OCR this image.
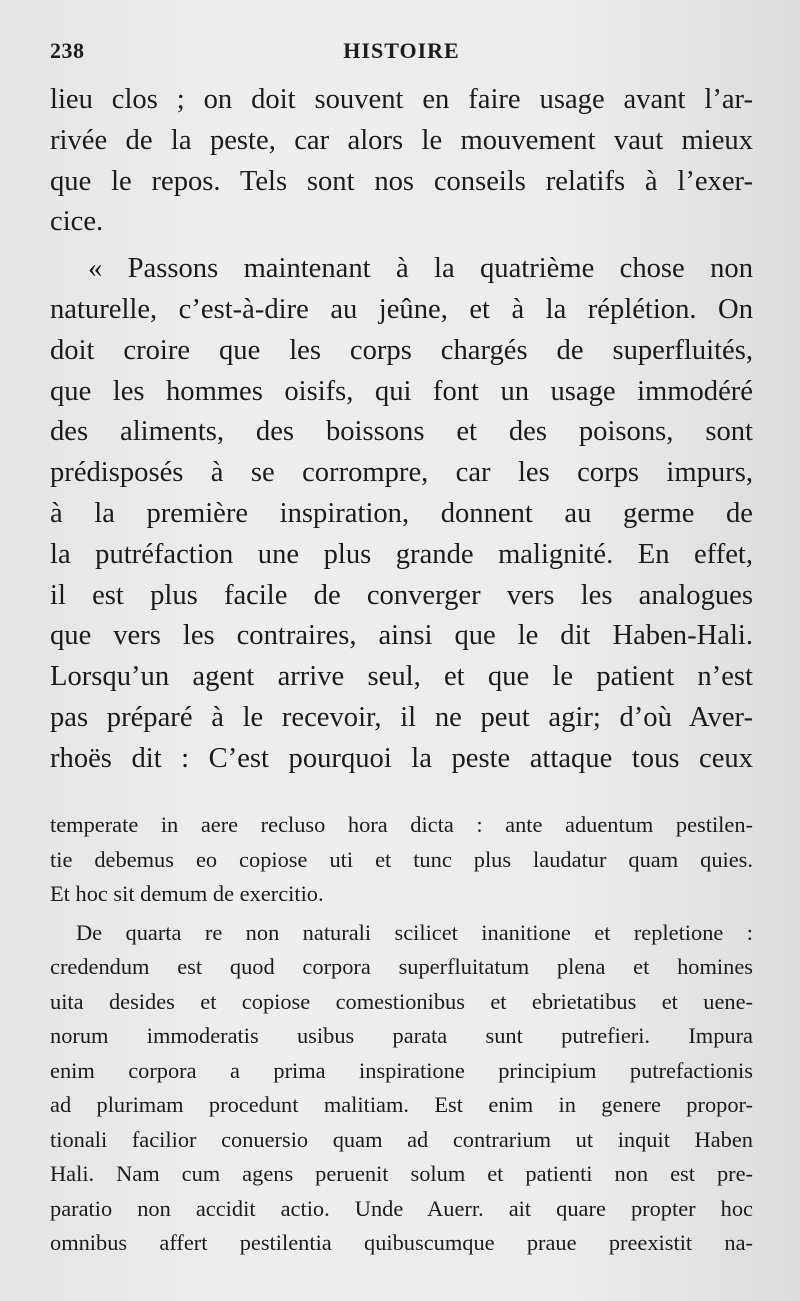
238	HISTOIRE
lieu clos ; on doit souvent en faire usage avant l’ar-
rivée de la peste, car alors le mouvement vaut mieux
que le repos. Tels sont nos conseils relatifs à l’exer-
cice.
« Passons maintenant à la quatrième chose non
naturelle, c’est-à-dire au jeûne, et à la réplétion. On
doit croire que les corps chargés de superfluités,
que les hommes oisifs, qui font un usage immodéré
des aliments, des boissons et des poisons, sont
prédisposés à se corrompre, car les corps impurs,
à la première inspiration, donnent au germe de
la putréfaction une plus grande malignité. En effet,
il est plus facile de converger vers les analogues
que vers les contraires, ainsi que le dit Haben-Hali.
Lorsqu’un agent arrive seul, et que le patient n’est
pas préparé à le recevoir, il ne peut agir; d’où Aver-
rhoës dit : C’est pourquoi la peste attaque tous ceux
temperate in aere recluso hora dicta : ante aduentum pestilen-
tie debemus eo copiose uti et tunc plus laudatur quam quies.
Et hoc sit demum de exercitio.
De quarta re non naturali scilicet inanitione et repletione :
credendum est quod corpora superfluitatum plena et homines
uita desides et copiose comestionibus et ebrietatibus et uene-
norum immoderatis usibus parata sunt putrefieri. Impura
enim corpora a prima inspiratione principium putrefactionis
ad plurimam procedunt malitiam. Est enim in genere propor-
tionali facilior conuersio quam ad contrarium ut inquit Haben
Hali. Nam cum agens peruenit solum et patienti non est pre-
paratio non accidit actio. Unde Auerr. ait quare propter hoc
omnibus affert pestilentia quibuscumque praue preexistit na-
